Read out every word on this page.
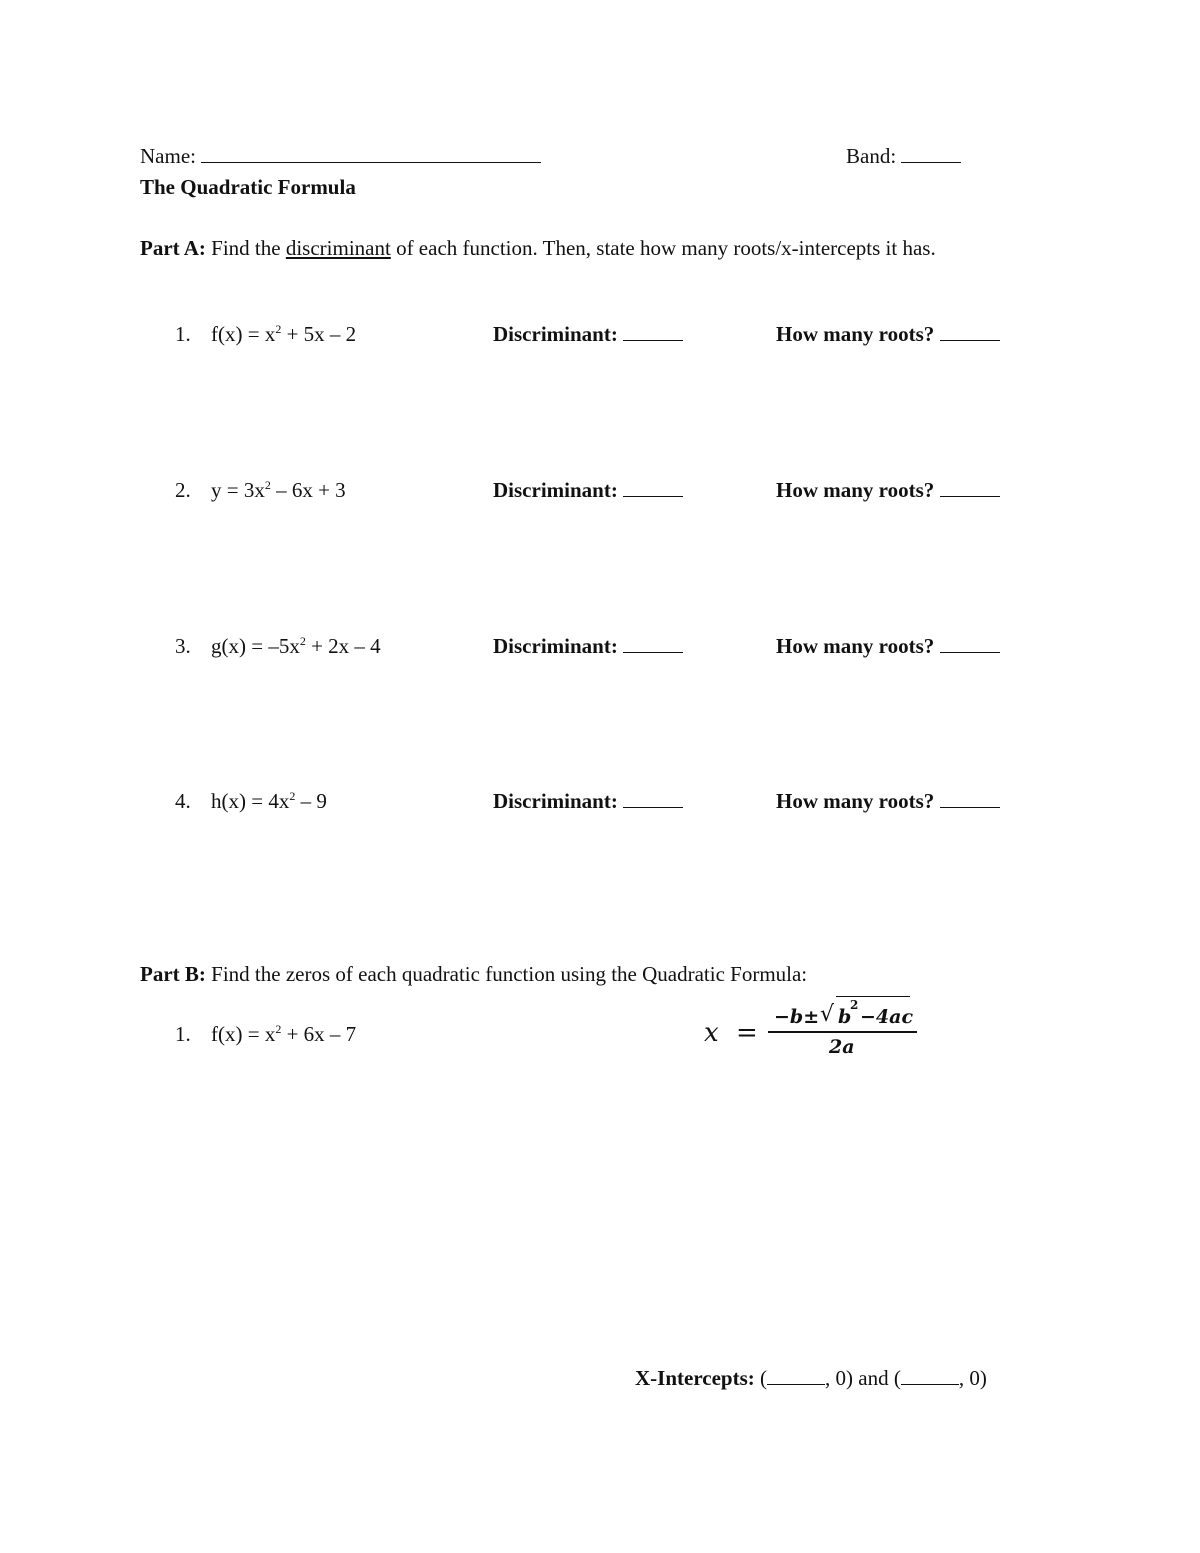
Name:	Band:
The Quadratic Formula
Part A: Find the discriminant of each function. Then, state how many roots/x-intercepts it has.
1. $f(x) = x^2 + 5x - 2$	Discriminant:	How many roots?
2. $y = 3x^2 - 6x + 3$	Discriminant:	How many roots?
3. $g(x) = -5x^2 + 2x - 4$	Discriminant:	How many roots?
4. $h(x) = 4x^2 - 9$	Discriminant:	How many roots?
Part B: Find the zeros of each quadratic function using the Quadratic Formula:
1. $f(x) = x^2 + 6x - 7$	x =
−b± √ b
2
−4ac
2a
X-Intercepts: (	, 0) and (	, 0)
